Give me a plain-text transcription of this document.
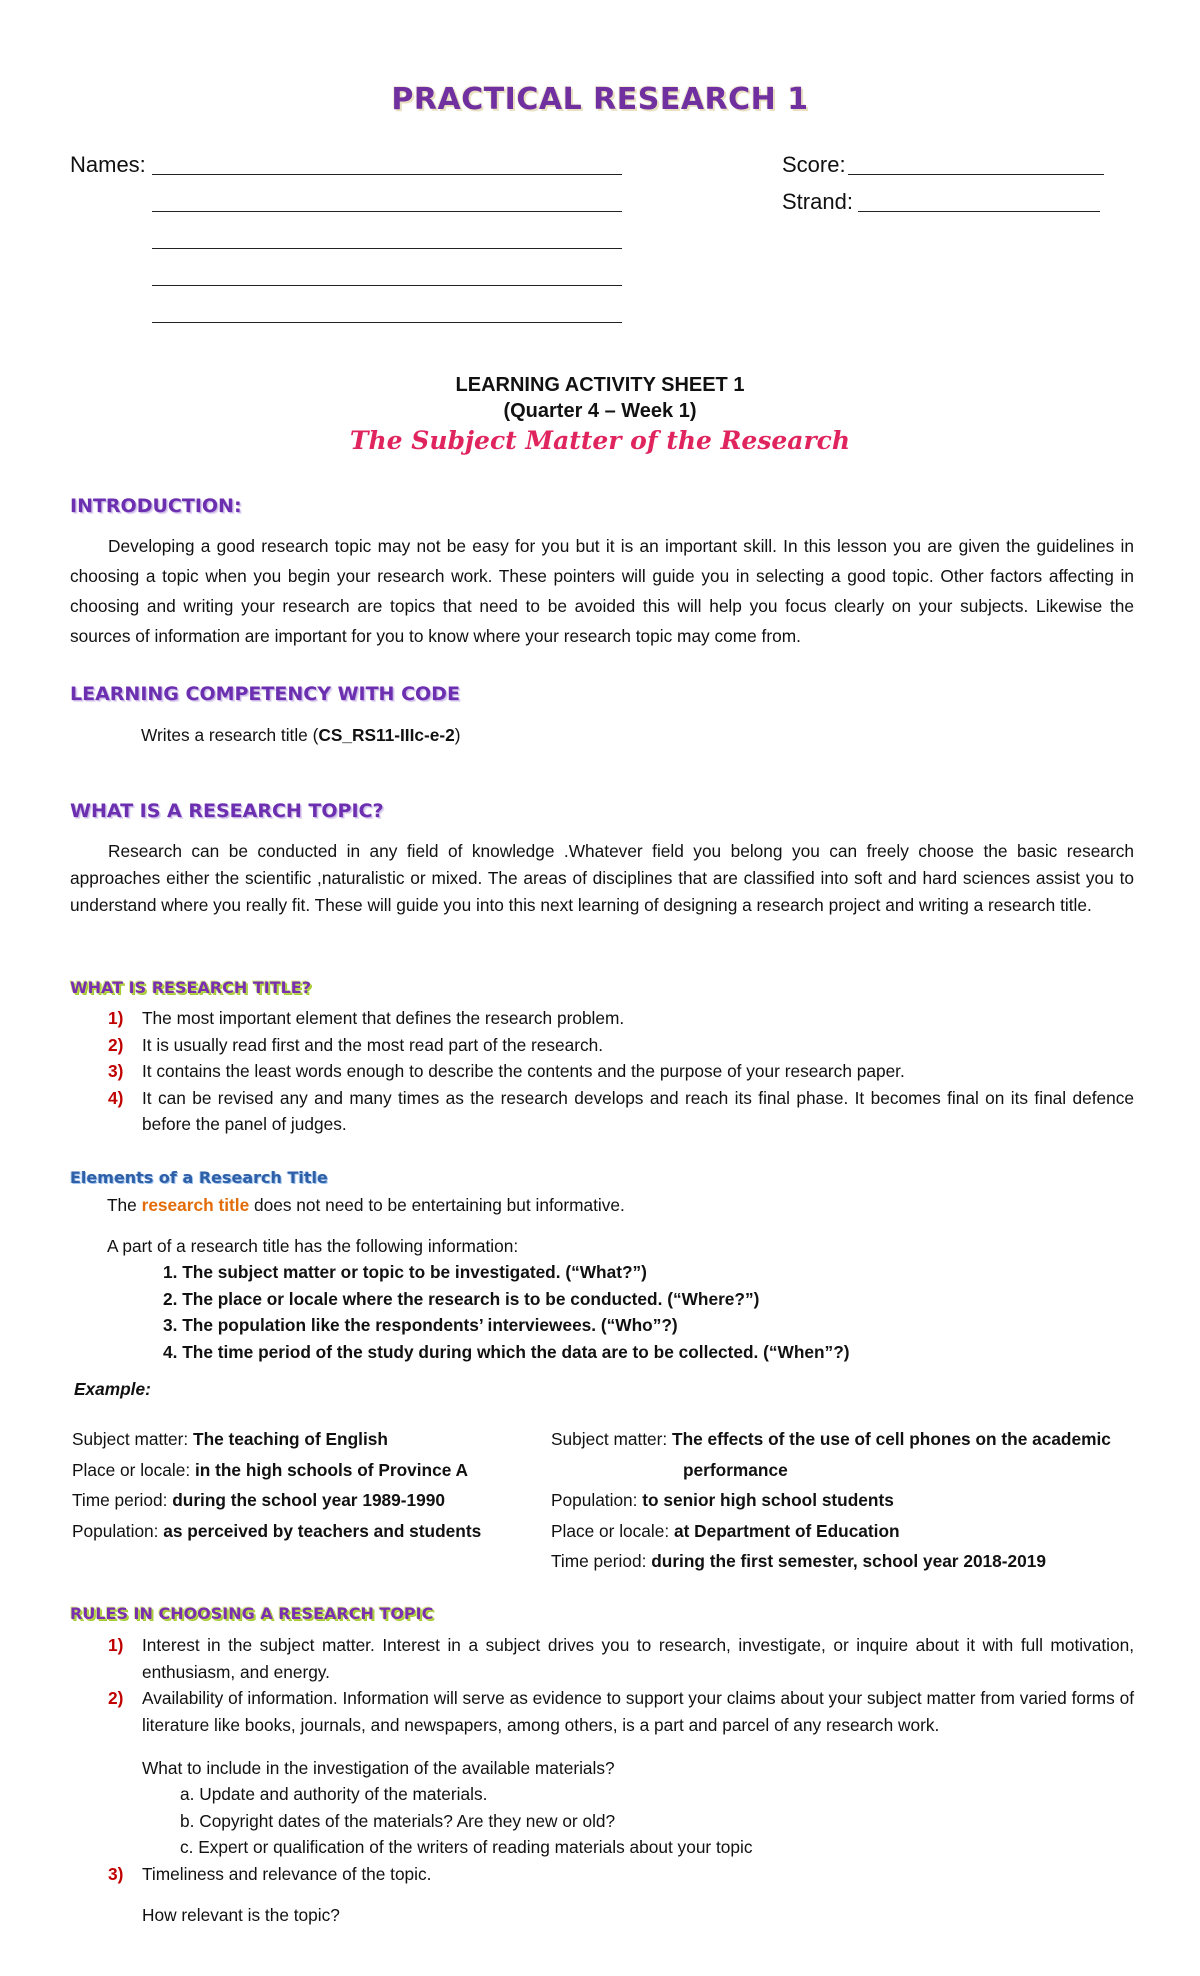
PRACTICAL RESEARCH 1
Names:	Score:
Strand:
LEARNING ACTIVITY SHEET 1
(Quarter 4 – Week 1)
The Subject Matter of the Research
INTRODUCTION:

Developing a good research topic may not be easy for you but it is an important skill. In this lesson you are given the guidelines in choosing a topic when you begin your research work. These pointers will guide you in selecting a good topic. Other factors affecting in choosing and writing your research are topics that need to be avoided this will help you focus clearly on your subjects. Likewise the sources of information are important for you to know where your research topic may come from.

LEARNING COMPETENCY WITH CODE
Writes a research title (CS_RS11-IIIc-e-2)
WHAT IS A RESEARCH TOPIC?

Research can be conducted in any field of knowledge .Whatever field you belong you can freely choose the basic research approaches either the scientific ,naturalistic or mixed. The areas of disciplines that are classified into soft and hard sciences assist you to understand where you really fit. These will guide you into this next learning of designing a research project and writing a research title.

WHAT IS RESEARCH TITLE?
1) The most important element that defines the research problem.
2) It is usually read first and the most read part of the research.
3) It contains the least words enough to describe the contents and the purpose of your research paper.
4) It can be revised any and many times as the research develops and reach its final phase. It becomes final on its final defence before the panel of judges.
Elements of a Research Title
The research title does not need to be entertaining but informative.
A part of a research title has the following information:
1. The subject matter or topic to be investigated. (“What?”)
2. The place or locale where the research is to be conducted. (“Where?”)
3. The population like the respondents’ interviewees. (“Who”?)
4. The time period of the study during which the data are to be collected. (“When”?)
Example:
Subject matter: The teaching of English
Place or locale: in the high schools of Province A
Time period: during the school year 1989-1990
Population: as perceived by teachers and students
Subject matter: The effects of the use of cell phones on the academic
performance
Population: to senior high school students
Place or locale: at Department of Education
Time period: during the first semester, school year 2018-2019
RULES IN CHOOSING A RESEARCH TOPIC
1) Interest in the subject matter. Interest in a subject drives you to research, investigate, or inquire about it with full motivation, enthusiasm, and energy.
2) Availability of information. Information will serve as evidence to support your claims about your subject matter from varied forms of literature like books, journals, and newspapers, among others, is a part and parcel of any research work.
What to include in the investigation of the available materials?
a. Update and authority of the materials.
b. Copyright dates of the materials? Are they new or old?
c. Expert or qualification of the writers of reading materials about your topic
3) Timeliness and relevance of the topic.
How relevant is the topic?
